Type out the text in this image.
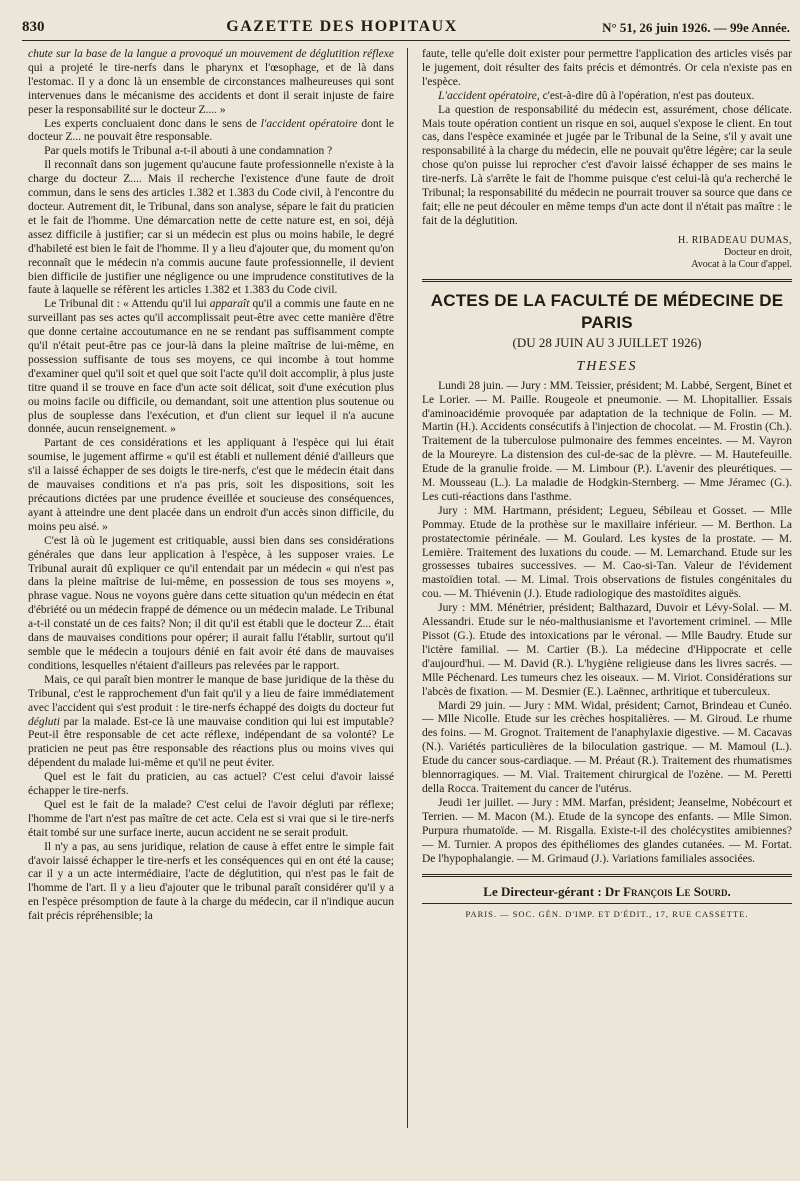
830	GAZETTE DES HOPITAUX	N° 51, 26 juin 1926. — 99e Année.

chute sur la base de la langue a provoqué un mouvement de déglutition réflexe qui a projeté le tire-nerfs dans le pharynx et l'œsophage, et de là dans l'estomac. Il y a donc là un ensemble de circonstances malheureuses qui sont intervenues dans le mécanisme des accidents et dont il serait injuste de faire peser la responsabilité sur le docteur Z.... »

Les experts concluaient donc dans le sens de l'accident opératoire dont le docteur Z... ne pouvait être responsable.

Par quels motifs le Tribunal a-t-il abouti à une condamnation ?

Il reconnaît dans son jugement qu'aucune faute professionnelle n'existe à la charge du docteur Z.... Mais il recherche l'existence d'une faute de droit commun, dans le sens des articles 1.382 et 1.383 du Code civil, à l'encontre du docteur. Autrement dit, le Tribunal, dans son analyse, sépare le fait du praticien et le fait de l'homme. Une démarcation nette de cette nature est, en soi, déjà assez difficile à justifier; car si un médecin est plus ou moins habile, le degré d'habileté est bien le fait de l'homme. Il y a lieu d'ajouter que, du moment qu'on reconnaît que le médecin n'a commis aucune faute professionnelle, il devient bien difficile de justifier une négligence ou une imprudence constitutives de la faute à laquelle se réfèrent les articles 1.382 et 1.383 du Code civil.

Le Tribunal dit : « Attendu qu'il lui apparaît qu'il a commis une faute en ne surveillant pas ses actes qu'il accomplissait peut-être avec cette manière d'être que donne certaine accoutumance en ne se rendant pas suffisamment compte qu'il n'était peut-être pas ce jour-là dans la pleine maîtrise de lui-même, en possession suffisante de tous ses moyens, ce qui incombe à tout homme d'examiner quel qu'il soit et quel que soit l'acte qu'il doit accomplir, à plus juste titre quand il se trouve en face d'un acte soit délicat, soit d'une exécution plus ou moins facile ou difficile, ou demandant, soit une attention plus soutenue ou plus de souplesse dans l'exécution, et d'un client sur lequel il n'a aucune donnée, aucun renseignement. »

Partant de ces considérations et les appliquant à l'espèce qui lui était soumise, le jugement affirme « qu'il est établi et nullement dénié d'ailleurs que s'il a laissé échapper de ses doigts le tire-nerfs, c'est que le médecin était dans de mauvaises conditions et n'a pas pris, soit les dispositions, soit les précautions dictées par une prudence éveillée et soucieuse des conséquences, ayant à atteindre une dent placée dans un endroit d'un accès sinon difficile, du moins peu aisé. »

C'est là où le jugement est critiquable, aussi bien dans ses considérations générales que dans leur application à l'espèce, à les supposer vraies. Le Tribunal aurait dû expliquer ce qu'il entendait par un médecin « qui n'est pas dans la pleine maîtrise de lui-même, en possession de tous ses moyens », phrase vague. Nous ne voyons guère dans cette situation qu'un médecin en état d'ébriété ou un médecin frappé de démence ou un médecin malade. Le Tribunal a-t-il constaté un de ces faits? Non; il dit qu'il est établi que le docteur Z... était dans de mauvaises conditions pour opérer; il aurait fallu l'établir, surtout qu'il semble que le médecin a toujours dénié en fait avoir été dans de mauvaises conditions, lesquelles n'étaient d'ailleurs pas relevées par le rapport.

Mais, ce qui paraît bien montrer le manque de base juridique de la thèse du Tribunal, c'est le rapprochement d'un fait qu'il y a lieu de faire immédiatement avec l'accident qui s'est produit : le tire-nerfs échappé des doigts du docteur fut dégluti par la malade. Est-ce là une mauvaise condition qui lui est imputable? Peut-il être responsable de cet acte réflexe, indépendant de sa volonté? Le praticien ne peut pas être responsable des réactions plus ou moins vives qui dépendent du malade lui-même et qu'il ne peut éviter.

Quel est le fait du praticien, au cas actuel? C'est celui d'avoir laissé échapper le tire-nerfs.

Quel est le fait de la malade? C'est celui de l'avoir dégluti par réflexe; l'homme de l'art n'est pas maître de cet acte. Cela est si vrai que si le tire-nerfs était tombé sur une surface inerte, aucun accident ne se serait produit.

Il n'y a pas, au sens juridique, relation de cause à effet entre le simple fait d'avoir laissé échapper le tire-nerfs et les conséquences qui en ont été la cause; car il y a un acte intermédiaire, l'acte de déglutition, qui n'est pas le fait de l'homme de l'art. Il y a lieu d'ajouter que le tribunal paraît considérer qu'il y a en l'espèce présomption de faute à la charge du médecin, car il n'indique aucun fait précis répréhensible; la

faute, telle qu'elle doit exister pour permettre l'application des articles visés par le jugement, doit résulter des faits précis et démontrés. Or cela n'existe pas en l'espèce.

L'accident opératoire, c'est-à-dire dû à l'opération, n'est pas douteux.

La question de responsabilité du médecin est, assurément, chose délicate. Mais toute opération contient un risque en soi, auquel s'expose le client. En tout cas, dans l'espèce examinée et jugée par le Tribunal de la Seine, s'il y avait une responsabilité à la charge du médecin, elle ne pouvait qu'être légère; car la seule chose qu'on puisse lui reprocher c'est d'avoir laissé échapper de ses mains le tire-nerfs. Là s'arrête le fait de l'homme puisque c'est celui-là qu'a recherché le Tribunal; la responsabilité du médecin ne pourrait trouver sa source que dans ce fait; elle ne peut découler en même temps d'un acte dont il n'était pas maître : le fait de la déglutition.

H. RIBADEAU DUMAS,
Docteur en droit,
Avocat à la Cour d'appel.
ACTES DE LA FACULTÉ DE MÉDECINE DE PARIS
(DU 28 JUIN AU 3 JUILLET 1926)
THESES

Lundi 28 juin. — Jury : MM. Teissier, président; M. Labbé, Sergent, Binet et Le Lorier. — M. Paille. Rougeole et pneumonie. — M. Lhopitallier. Essais d'aminoacidémie provoquée par adaptation de la technique de Folin. — M. Martin (H.). Accidents consécutifs à l'injection de chocolat. — M. Frostin (Ch.). Traitement de la tuberculose pulmonaire des femmes enceintes. — M. Vayron de la Moureyre. La distension des cul-de-sac de la plèvre. — M. Hautefeuille. Etude de la granulie froide. — M. Limbour (P.). L'avenir des pleurétiques. — M. Mousseau (L.). La maladie de Hodgkin-Sternberg. — Mme Jéramec (G.). Les cuti-réactions dans l'asthme.

Jury : MM. Hartmann, président; Legueu, Sébileau et Gosset. — Mlle Pommay. Etude de la prothèse sur le maxillaire inférieur. — M. Berthon. La prostatectomie périnéale. — M. Goulard. Les kystes de la prostate. — M. Lemière. Traitement des luxations du coude. — M. Lemarchand. Etude sur les grossesses tubaires successives. — M. Cao-si-Tan. Valeur de l'évidement mastoïdien total. — M. Limal. Trois observations de fistules congénitales du cou. — M. Thiévenin (J.). Etude radiologique des mastoïdites aiguës.

Jury : MM. Ménétrier, président; Balthazard, Duvoir et Lévy-Solal. — M. Alessandri. Etude sur le néo-malthusianisme et l'avortement criminel. — Mlle Pissot (G.). Etude des intoxications par le véronal. — Mlle Baudry. Etude sur l'ictère familial. — M. Cartier (B.). La médecine d'Hippocrate et celle d'aujourd'hui. — M. David (R.). L'hygiène religieuse dans les livres sacrés. — Mlle Péchenard. Les tumeurs chez les oiseaux. — M. Viriot. Considérations sur l'abcès de fixation. — M. Desmier (E.). Laënnec, arthritique et tuberculeux.

Mardi 29 juin. — Jury : MM. Widal, président; Carnot, Brindeau et Cunéo. — Mlle Nicolle. Etude sur les crèches hospitalières. — M. Giroud. Le rhume des foins. — M. Grognot. Traitement de l'anaphylaxie digestive. — M. Cacavas (N.). Variétés particulières de la biloculation gastrique. — M. Mamoul (L.). Etude du cancer sous-cardiaque. — M. Préaut (R.). Traitement des rhumatismes blennorragiques. — M. Vial. Traitement chirurgical de l'ozène. — M. Peretti della Rocca. Traitement du cancer de l'utérus.

Jeudi 1er juillet. — Jury : MM. Marfan, président; Jeanselme, Nobécourt et Terrien. — M. Macon (M.). Etude de la syncope des enfants. — Mlle Simon. Purpura rhumatoïde. — M. Risgalla. Existe-t-il des cholécystites amibiennes? — M. Turnier. A propos des épithéliomes des glandes cutanées. — M. Fortat. De l'hypophalangie. — M. Grimaud (J.). Variations familiales associées.

Le Directeur-gérant : Dr François Le Sourd.
PARIS. — SOC. GÉN. D'IMP. ET D'ÉDIT., 17, RUE CASSETTE.
